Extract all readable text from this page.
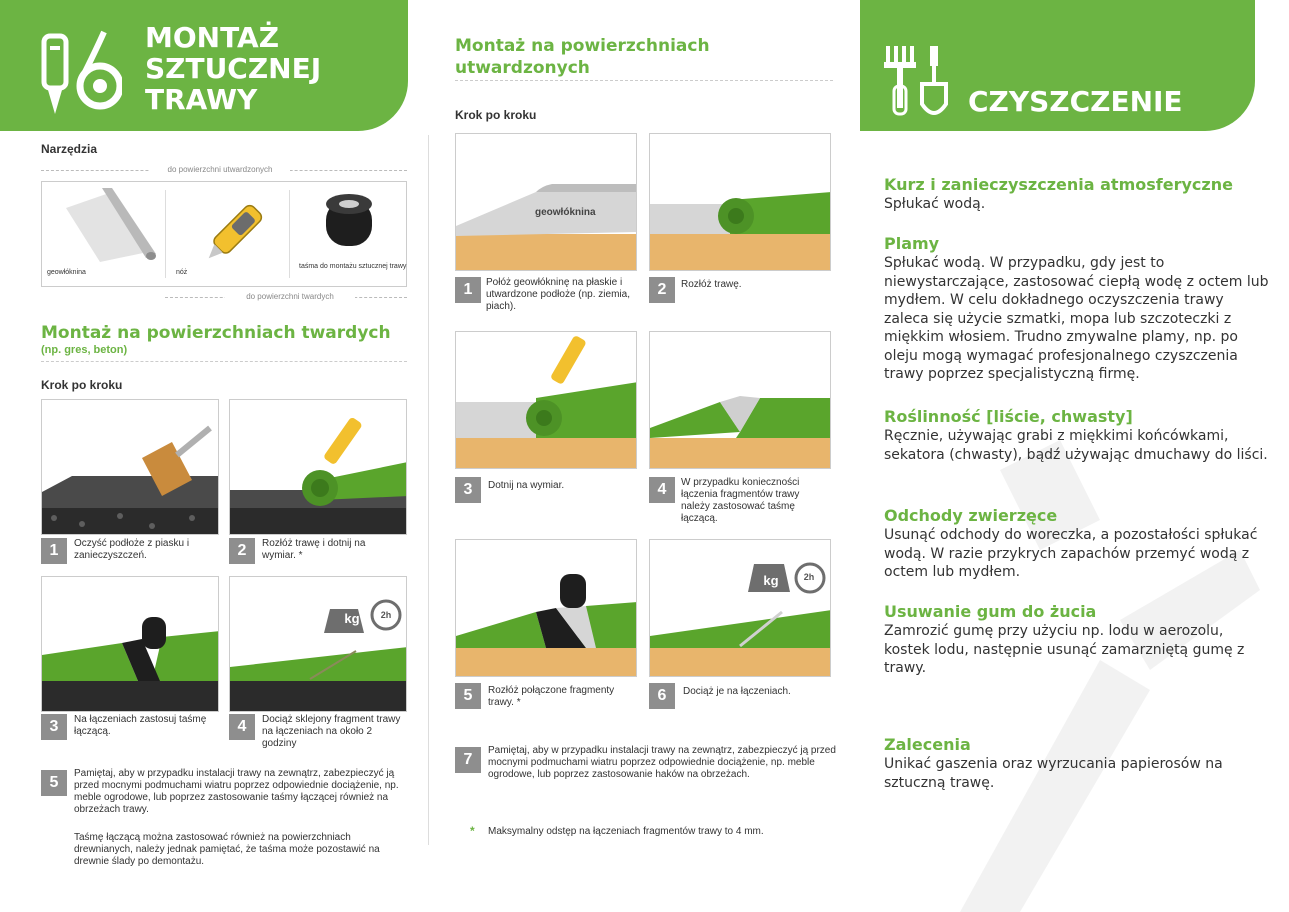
MONTAŻ
SZTUCZNEJ
TRAWY
Narzędzia
do powierzchni utwardzonych
geowłóknina	nóż
taśma do montażu sztucznej trawy
do powierzchni twardych
Montaż na powierzchniach twardych
(np. gres, beton)
Krok po kroku
1	Oczyść podłoże z piasku i zanieczyszczeń.	2	Rozłóż trawę i dotnij na wymiar. *
3	Na łączeniach zastosuj taśmę łączącą.
kg	2h
4	Dociąż sklejony fragment trawy na łączeniach na około 2 godziny
5
Pamiętaj, aby w przypadku instalacji trawy na zewnątrz, zabezpieczyć ją przed mocnymi podmuchami wiatru poprzez odpowiednie dociążenie, np. meble ogrodowe, lub poprzez zastosowanie taśmy łączącej również na obrzeżach trawy.
Taśmę łączącą można zastosować również na powierzchniach drewnianych, należy jednak pamiętać, że taśma może pozostawić na drewnie ślady po demontażu.
Montaż na powierzchniach utwardzonych
Krok po kroku
geowłóknina
1	Połóż geowłókninę na płaskie i utwardzone podłoże (np. ziemia, piach).
2	Rozłóż trawę.
3	Dotnij na wymiar.	4	W przypadku konieczności łączenia fragmentów trawy należy zastosować taśmę łączącą.
5	Rozłóż połączone fragmenty trawy. *
kg	2h
6	Dociąż je na łączeniach.
7
Pamiętaj, aby w przypadku instalacji trawy na zewnątrz, zabezpieczyć ją przed mocnymi podmuchami wiatru poprzez odpowiednie dociążenie, np. meble ogrodowe, lub poprzez zastosowanie haków na obrzeżach.
* Maksymalny odstęp na łączeniach fragmentów trawy to 4 mm.
CZYSZCZENIE
Kurz i zanieczyszczenia atmosferyczne
Spłukać wodą.
Plamy
Spłukać wodą. W przypadku, gdy jest to niewystarczające, zastosować ciepłą wodę z octem lub mydłem. W celu dokładnego oczyszczenia trawy zaleca się użycie szmatki, mopa lub szczoteczki z miękkim włosiem. Trudno zmywalne plamy, np. po oleju mogą wymagać profesjonalnego czyszczenia trawy poprzez specjalistyczną firmę.
Roślinność [liście, chwasty]
Ręcznie, używając grabi z miękkimi końcówkami, sekatora (chwasty), bądź używając dmuchawy do liści.
Odchody zwierzęce
Usunąć odchody do woreczka, a pozostałości spłukać wodą. W razie przykrych zapachów przemyć wodą z octem lub mydłem.
Usuwanie gum do żucia
Zamrozić gumę przy użyciu np. lodu w aerozolu, kostek lodu, następnie usunąć zamarzniętą gumę z trawy.
Zalecenia
Unikać gaszenia oraz wyrzucania papierosów na sztuczną trawę.
